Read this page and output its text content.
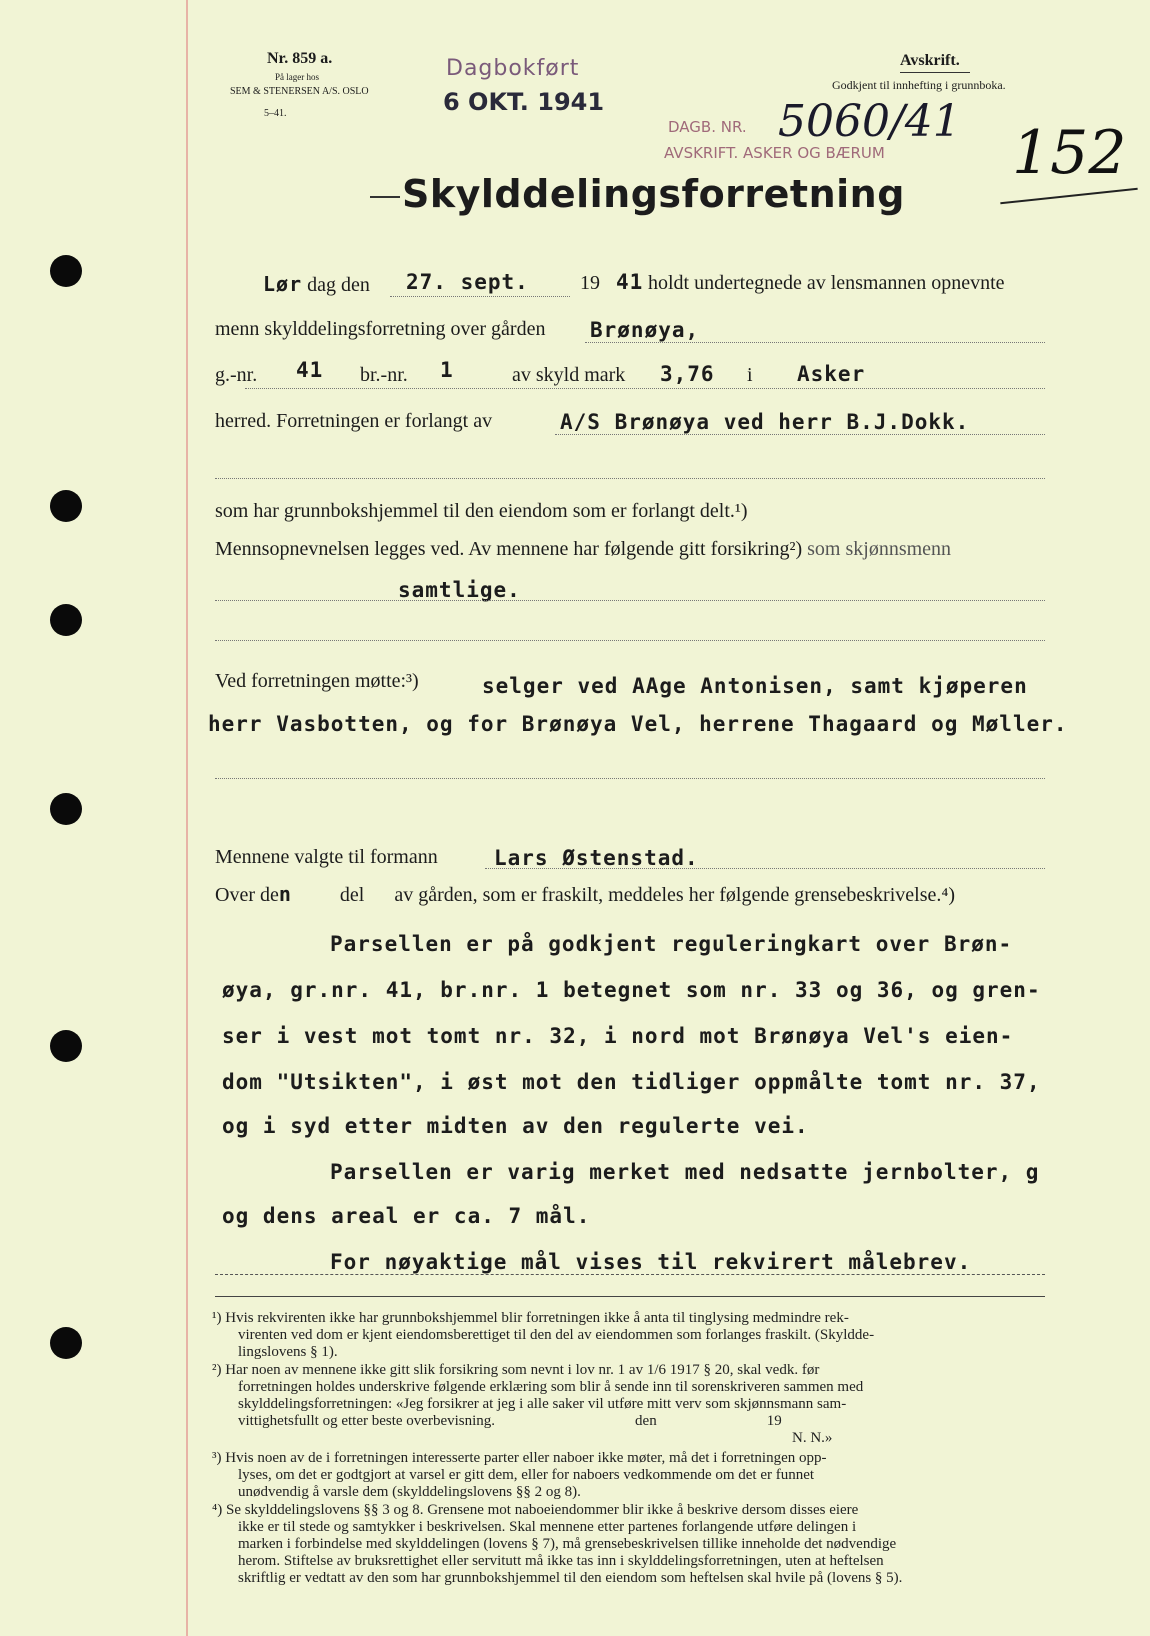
Nr. 859 a.
På lager hos
SEM & STENERSEN A/S. OSLO
5–41.
Dagbokført
6 OKT. 1941
Avskrift.
Godkjent til innhefting i grunnboka.
DAGB. NR. 5060/41
AVSKRIFT. ASKER OG BÆRUM 152
Skylddelingsforretning
Lør dag den 27. sept.	19 41 holdt undertegnede av lensmannen opnevnte
menn skylddelingsforretning over gården Brønøya,
g.-nr. 41 br.-nr. 1	av skyld mark 3,76 i Asker
herred. Forretningen er forlangt av	A/S Brønøya ved herr B.J.Dokk.
som har grunnbokshjemmel til den eiendom som er forlangt delt.¹)
Mennsopnevnelsen legges ved. Av mennene har følgende gitt forsikring²) som skjønnsmenn
samtlige.
Ved forretningen møtte:³)	selger ved AAge Antonisen, samt kjøperen
herr Vasbotten, og for Brønøya Vel, herrene Thagaard og Møller.
Mennene valgte til formann	Lars Østenstad.
Over den del av gården, som er fraskilt, meddeles her følgende grensebeskrivelse.⁴)
Parsellen er på godkjent reguleringkart over Brøn-
øya, gr.nr. 41, br.nr. 1 betegnet som nr. 33 og 36, og gren-
ser i vest mot tomt nr. 32, i nord mot Brønøya Vel's eien-
dom "Utsikten", i øst mot den tidliger oppmålte tomt nr. 37,
og i syd etter midten av den regulerte vei.
Parsellen er varig merket med nedsatte jernbolter, g
og dens areal er ca. 7 mål.
For nøyaktige mål vises til rekvirert målebrev.
¹) Hvis rekvirenten ikke har grunnbokshjemmel blir forretningen ikke å anta til tinglysing medmindre rek-
virenten ved dom er kjent eiendomsberettiget til den del av eiendommen som forlanges fraskilt. (Skyldde-
lingslovens § 1).
²) Har noen av mennene ikke gitt slik forsikring som nevnt i lov nr. 1 av 1/6 1917 § 20, skal vedk. før
forretningen holdes underskrive følgende erklæring som blir å sende inn til sorenskriveren sammen med
skylddelingsforretningen: «Jeg forsikrer at jeg i alle saker vil utføre mitt verv som skjønnsmann sam-
vittighetsfullt og etter beste overbevisning.	den	19
N. N.»
³) Hvis noen av de i forretningen interesserte parter eller naboer ikke møter, må det i forretningen opp-
lyses, om det er godtgjort at varsel er gitt dem, eller for naboers vedkommende om det er funnet
unødvendig å varsle dem (skylddelingslovens §§ 2 og 8).
⁴) Se skylddelingslovens §§ 3 og 8. Grensene mot naboeiendommer blir ikke å beskrive dersom disses eiere
ikke er til stede og samtykker i beskrivelsen. Skal mennene etter partenes forlangende utføre delingen i
marken i forbindelse med skylddelingen (lovens § 7), må grensebeskrivelsen tillike inneholde det nødvendige
herom. Stiftelse av bruksrettighet eller servitutt må ikke tas inn i skylddelingsforretningen, uten at heftelsen
skriftlig er vedtatt av den som har grunnbokshjemmel til den eiendom som heftelsen skal hvile på (lovens § 5).
